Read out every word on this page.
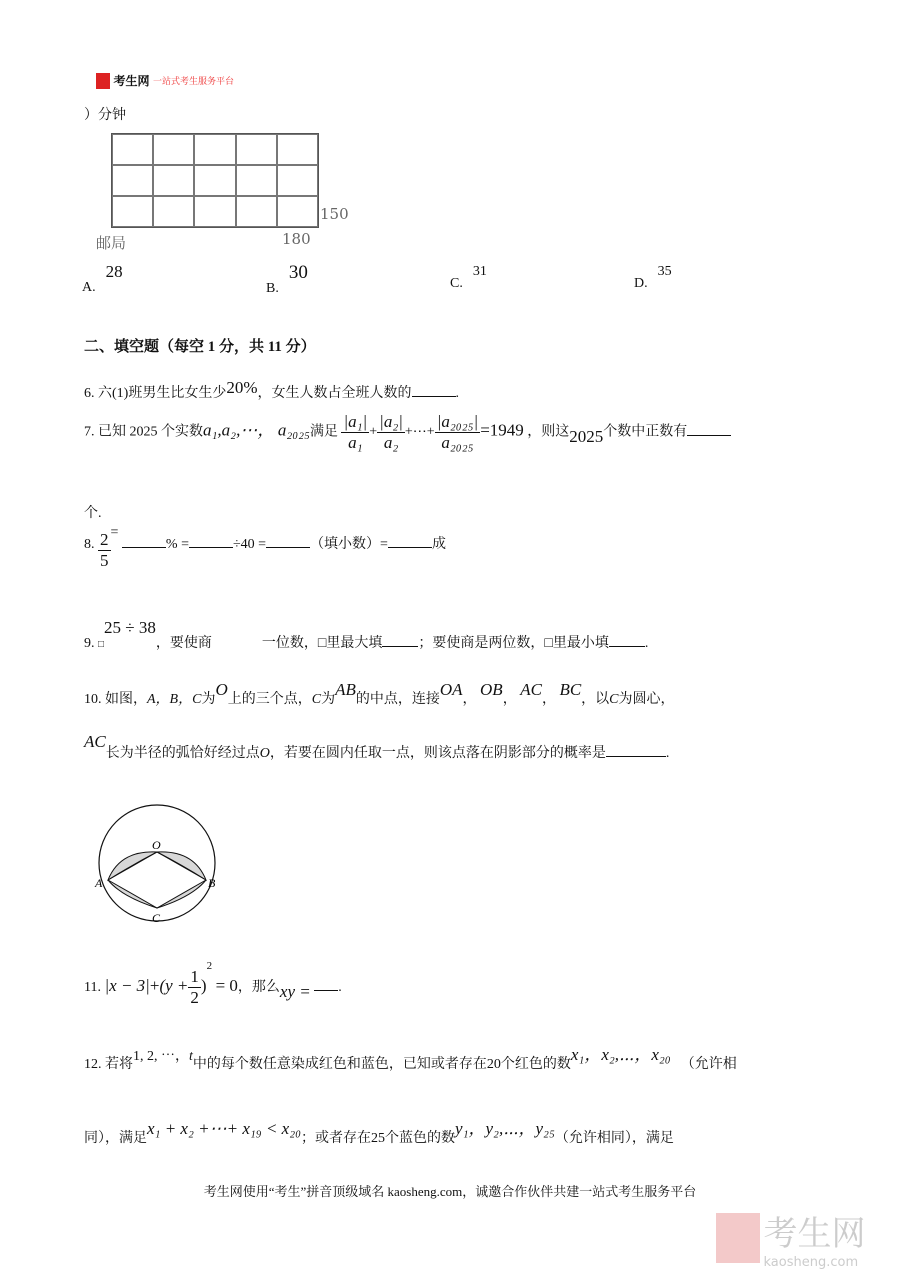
考生网 一站式考生服务平台
）分钟
150
180
邮局
A.28
B.30
C.31
D.35
二、填空题（每空 1 分，共 11 分）
6. 六(1)班男生比女生少20%，女生人数占全班人数的	.
7. 已知 2025 个实数a₁,a₂,⋯， a₂₀₂₅满足 $\frac{\text{|a₁|}}{\text{a₁}} + \frac{\text{|a₂|}}{\text{a₂}}$ +⋯+ $\frac{\text{|a₂₀₂₅|}}{\text{a₂₀₂₅}} =1949$ ，则这2025个数中正数有
个.
8. $\frac{2}{5}$ = % =	÷40 =	（填小数）=	成
9. □25 ÷ 38，要使商	一位数，□里最大填	；要使商是两位数，□里最小填	.
10. 如图，A，B，C为O上的三个点，C为AB的中点，连接OA， OB， AC， BC，以C为圆心，
AC长为半径的弧恰好经过点O，若要在圆内任取一点，则该点落在阴影部分的概率是	.
O
A	B
C
11. $|x - 3|+(y + \frac{1}{2} )^2 = 0$，那么xy = .
12. 若将1, 2, ⋯，t中的每个数任意染成红色和蓝色，已知或者存在20个红色的数x₁，x₂,⋯，x₂₀（允许相
同），满足x₁ + x₂ +⋯+ x₁₉ < x₂₀；或者存在25个蓝色的数y₁，y₂,⋯，y₂₅（允许相同），满足
考生网使用“考生”拼音顶级域名 kaosheng.com，诚邀合作伙伴共建一站式考生服务平台

考生网
kaosheng.com
